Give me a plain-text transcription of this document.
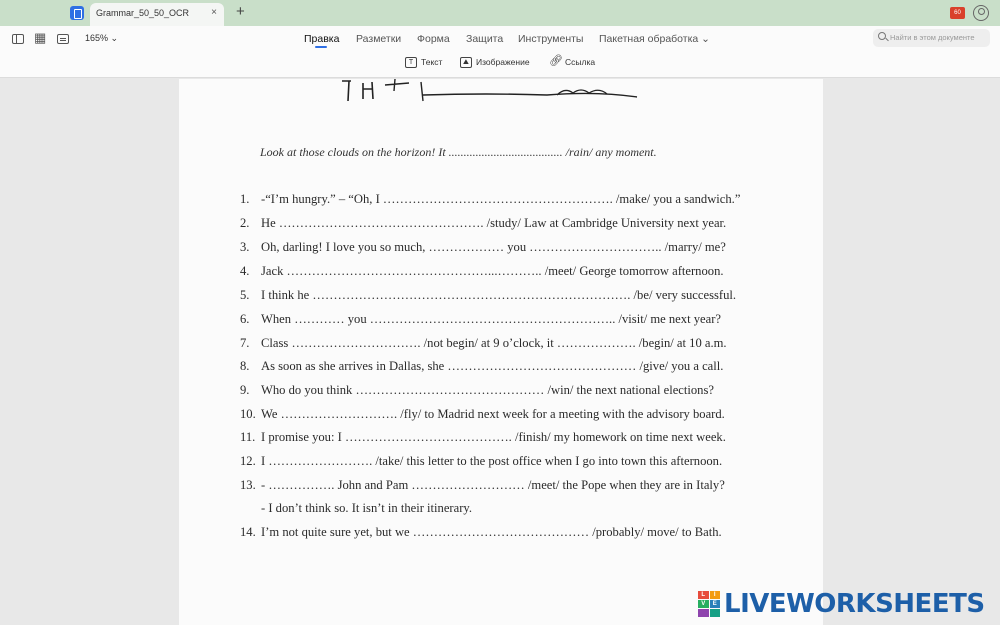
Grammar_50_50_OCR × +	60
▦
165% ⌄	Правка Разметки Форма Защита Инструменты Пакетная обработка ⌄	Найти в этом документе
T Текст	⛰ Изображение 🔗︎ Ссылка
Look at those clouds on the horizon! It ...................................... /rain/ any moment.
1. -“I’m hungry.” – “Oh, I ………………………………………………. /make/ you a sandwich.”
2. He …………………………………………. /study/ Law at Cambridge University next year.
3. Oh, darling! I love you so much, ……………… you ………………………….. /marry/ me?
4. Jack …………………………………………...……….. /meet/ George tomorrow afternoon.
5. I think he …………………………………………………………………. /be/ very successful.
6. When ………… you ………………………………………………….. /visit/ me next year?
7. Class …………………………. /not begin/ at 9 o’clock, it ………………. /begin/ at 10 a.m.
8. As soon as she arrives in Dallas, she ……………………………………… /give/ you a call.
9. Who do you think ……………………………………… /win/ the next national elections?
10. We ………………………. /fly/ to Madrid next week for a meeting with the advisory board.
11. I promise you: I …………………………………. /finish/ my homework on time next week.
12. I ……………………. /take/ this letter to the post office when I go into town this afternoon.
13. - ……………. John and Pam ……………………… /meet/ the Pope when they are in Italy?
- I don’t think so. It isn’t in their itinerary.
14. I’m not quite sure yet, but we …………………………………… /probably/ move/ to Bath.
L	I
V	E LIVEWORKSHEETS
